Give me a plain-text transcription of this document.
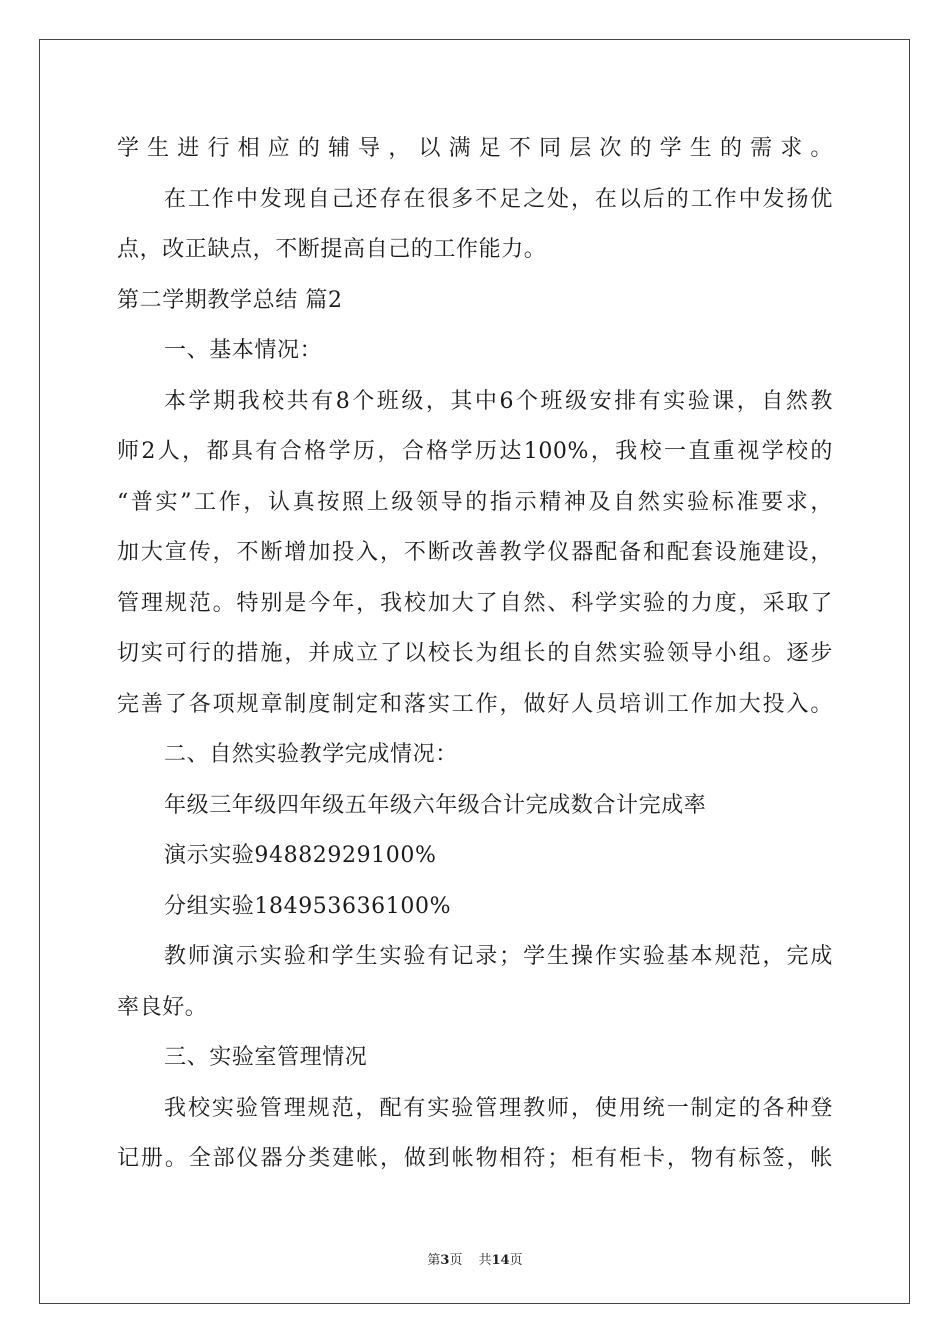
学生进行相应的辅导，以满足不同层次的学生的需求。
在工作中发现自己还存在很多不足之处，在以后的工作中发扬优
点，改正缺点，不断提高自己的工作能力。
第二学期教学总结 篇2
一、基本情况：
本学期我校共有8个班级，其中6个班级安排有实验课，自然教
师2人，都具有合格学历，合格学历达100%，我校一直重视学校的
“普实”工作，认真按照上级领导的指示精神及自然实验标准要求，
加大宣传，不断增加投入，不断改善教学仪器配备和配套设施建设，
管理规范。特别是今年，我校加大了自然、科学实验的力度，采取了
切实可行的措施，并成立了以校长为组长的自然实验领导小组。逐步
完善了各项规章制度制定和落实工作，做好人员培训工作加大投入。
二、自然实验教学完成情况：
年级三年级四年级五年级六年级合计完成数合计完成率
演示实验94882929100%
分组实验184953636100%
教师演示实验和学生实验有记录；学生操作实验基本规范，完成
率良好。
三、实验室管理情况
我校实验管理规范，配有实验管理教师，使用统一制定的各种登
记册。全部仪器分类建帐，做到帐物相符；柜有柜卡，物有标签，帐
第3页 共14页
